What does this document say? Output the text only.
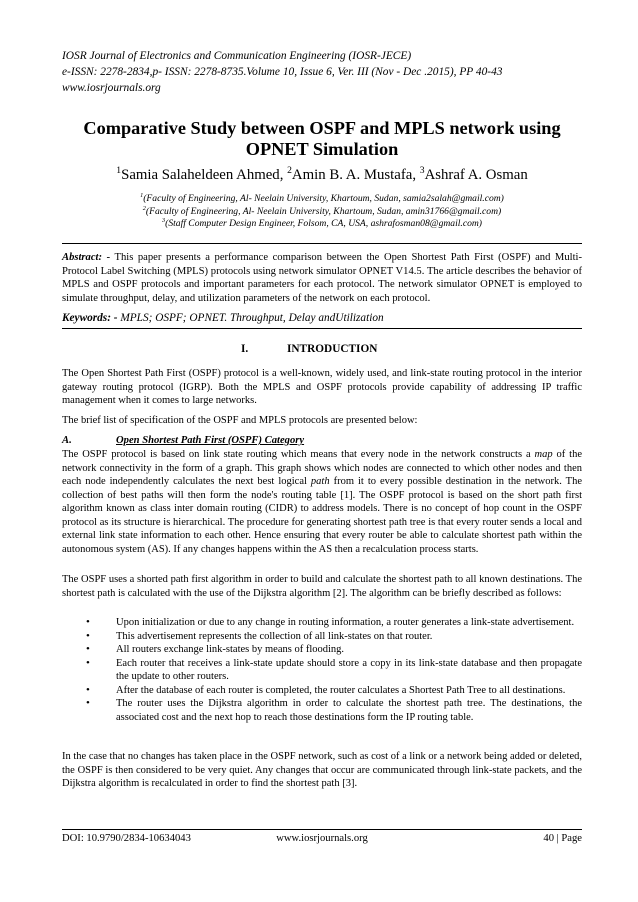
IOSR Journal of Electronics and Communication Engineering (IOSR-JECE)
e-ISSN: 2278-2834,p- ISSN: 2278-8735.Volume 10, Issue 6, Ver. III (Nov - Dec .2015), PP 40-43
www.iosrjournals.org
Comparative Study between OSPF and MPLS network using
OPNET Simulation
$^1$Samia Salaheldeen Ahmed, $^2$Amin B. A. Mustafa, $^3$Ashraf A. Osman
$^1$(Faculty of Engineering, Al- Neelain University, Khartoum, Sudan, samia2salah@gmail.com)
$^2$(Faculty of Engineering, Al- Neelain University, Khartoum, Sudan, amin31766@gmail.com)
$^3$(Staff Computer Design Engineer, Folsom, CA, USA, ashrafosman08@gmail.com)
Abstract: - This paper presents a performance comparison between the Open Shortest Path First (OSPF) and Multi-Protocol Label Switching (MPLS) protocols using network simulator OPNET V14.5. The article describes the behavior of MPLS and OSPF protocols and important parameters for each protocol. The network simulator OPNET is employed to simulate throughput, delay, and utilization parameters of the network on each protocol.
Keywords: - MPLS; OSPF; OPNET. Throughput, Delay andUtilization
I.	INTRODUCTION
The Open Shortest Path First (OSPF) protocol is a well-known, widely used, and link-state routing protocol in the interior gateway routing protocol (IGRP). Both the MPLS and OSPF protocols provide capability of addressing IP traffic management when it comes to large networks.
The brief list of specification of the OSPF and MPLS protocols are presented below:
A.	Open Shortest Path First (OSPF) Category
The OSPF protocol is based on link state routing which means that every node in the network constructs a map of the network connectivity in the form of a graph. This graph shows which nodes are connected to which other nodes and then each node independently calculates the next best logical path from it to every possible destination in the network. The collection of best paths will then form the node's routing table [1]. The OSPF protocol is based on the short path first algorithm known as class inter domain routing (CIDR) to address models. There is no concept of hop count in the OSPF protocol as its structure is hierarchical. The procedure for generating shortest path tree is that every router sends a local and external link state information to each other. Hence ensuring that every router be able to calculate shortest path within the autonomous system (AS). If any changes happens within the AS then a recalculation process starts.
The OSPF uses a shorted path first algorithm in order to build and calculate the shortest path to all known destinations. The shortest path is calculated with the use of the Dijkstra algorithm [2]. The algorithm can be briefly described as follows:
• Upon initialization or due to any change in routing information, a router generates a link-state advertisement.
• This advertisement represents the collection of all link-states on that router.
• All routers exchange link-states by means of flooding.
• Each router that receives a link-state update should store a copy in its link-state database and then propagate the update to other routers.
• After the database of each router is completed, the router calculates a Shortest Path Tree to all destinations.
• The router uses the Dijkstra algorithm in order to calculate the shortest path tree. The destinations, the associated cost and the next hop to reach those destinations form the IP routing table.
In the case that no changes has taken place in the OSPF network, such as cost of a link or a network being added or deleted, the OSPF is then considered to be very quiet. Any changes that occur are communicated through link-state packets, and the Dijkstra algorithm is recalculated in order to find the shortest path [3].
DOI: 10.9790/2834-10634043	www.iosrjournals.org	40 | Page
